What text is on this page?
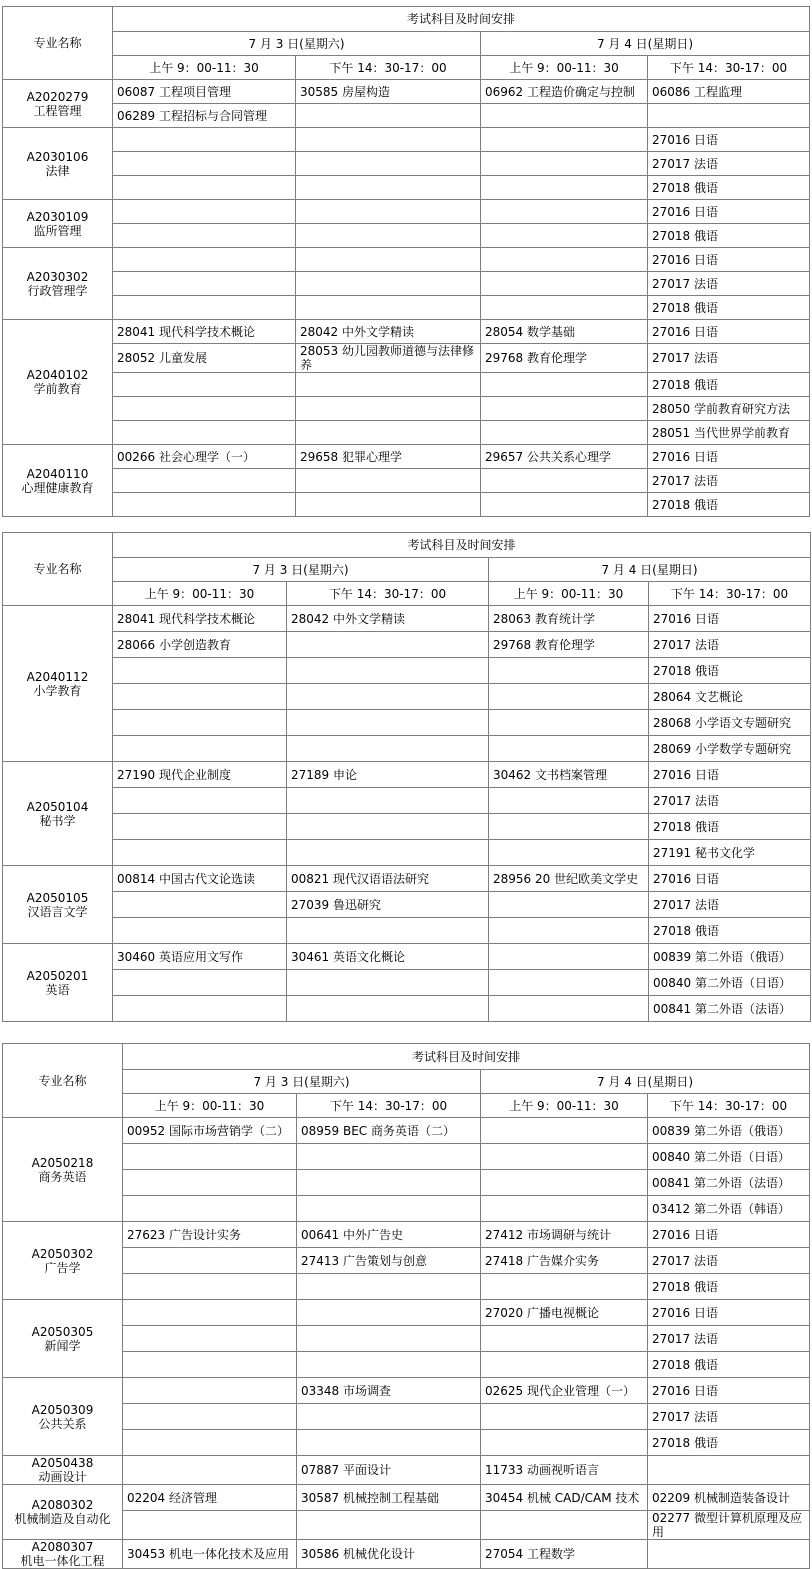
专业名称	考试科目及时间安排			
	7 月 3 日(星期六)		7 月 4 日(星期日)	
	上午 9：00-11：30	下午 14：30-17：00	上午 9：00-11：30	下午 14：30-17：00

A2020279
工程管理	06087 工程项目管理	30585 房屋构造	06962 工程造价确定与控制	06086 工程监理
	06289 工程招标与合同管理			

A2030106
法律				27016 日语
				27017 法语
				27018 俄语

A2030109
监所管理				27016 日语
				27018 俄语

A2030302
行政管理学				27016 日语
				27017 法语
				27018 俄语

A2040102
学前教育	28041 现代科学技术概论	28042 中外文学精读	28054 数学基础	27016 日语
	28052 儿童发展	28053 幼儿园教师道德与法律修养	29768 教育伦理学	27017 法语
				27018 俄语
				28050 学前教育研究方法
				28051 当代世界学前教育

A2040110
心理健康教育	00266 社会心理学（一）	29658 犯罪心理学	29657 公共关系心理学	27016 日语
				27017 法语
				27018 俄语
专业名称	考试科目及时间安排			
	7 月 3 日(星期六)		7 月 4 日(星期日)	
	上午 9：00-11：30	下午 14：30-17：00	上午 9：00-11：30	下午 14：30-17：00

A2040112
小学教育	28041 现代科学技术概论	28042 中外文学精读	28063 教育统计学	27016 日语
	28066 小学创造教育		29768 教育伦理学	27017 法语
				27018 俄语
				28064 文艺概论
				28068 小学语文专题研究
				28069 小学数学专题研究

A2050104
秘书学	27190 现代企业制度	27189 申论	30462 文书档案管理	27016 日语
				27017 法语
				27018 俄语
				27191 秘书文化学

A2050105
汉语言文学	00814 中国古代文论选读	00821 现代汉语语法研究	28956 20 世纪欧美文学史	27016 日语
		27039 鲁迅研究		27017 法语
				27018 俄语

A2050201
英语	30460 英语应用文写作	30461 英语文化概论		00839 第二外语（俄语）
				00840 第二外语（日语）
				00841 第二外语（法语）
专业名称	考试科目及时间安排			
	7 月 3 日(星期六)		7 月 4 日(星期日)	
	上午 9：00-11：30	下午 14：30-17：00	上午 9：00-11：30	下午 14：30-17：00

A2050218
商务英语	00952 国际市场营销学（二）	08959 BEC 商务英语（二）		00839 第二外语（俄语）
				00840 第二外语（日语）
				00841 第二外语（法语）
				03412 第二外语（韩语）

A2050302
广告学	27623 广告设计实务	00641 中外广告史	27412 市场调研与统计	27016 日语
		27413 广告策划与创意	27418 广告媒介实务	27017 法语
				27018 俄语

A2050305
新闻学			27020 广播电视概论	27016 日语
				27017 法语
				27018 俄语

A2050309
公共关系		03348 市场调查	02625 现代企业管理（一）	27016 日语
				27017 法语
				27018 俄语

A2050438
动画设计		07887 平面设计	11733 动画视听语言	

A2080302
机械制造及自动化	02204 经济管理	30587 机械控制工程基础	30454 机械 CAD/CAM 技术	02209 机械制造装备设计
				02277 微型计算机原理及应用

A2080307
机电一体化工程	30453 机电一体化技术及应用	30586 机械优化设计	27054 工程数学	
